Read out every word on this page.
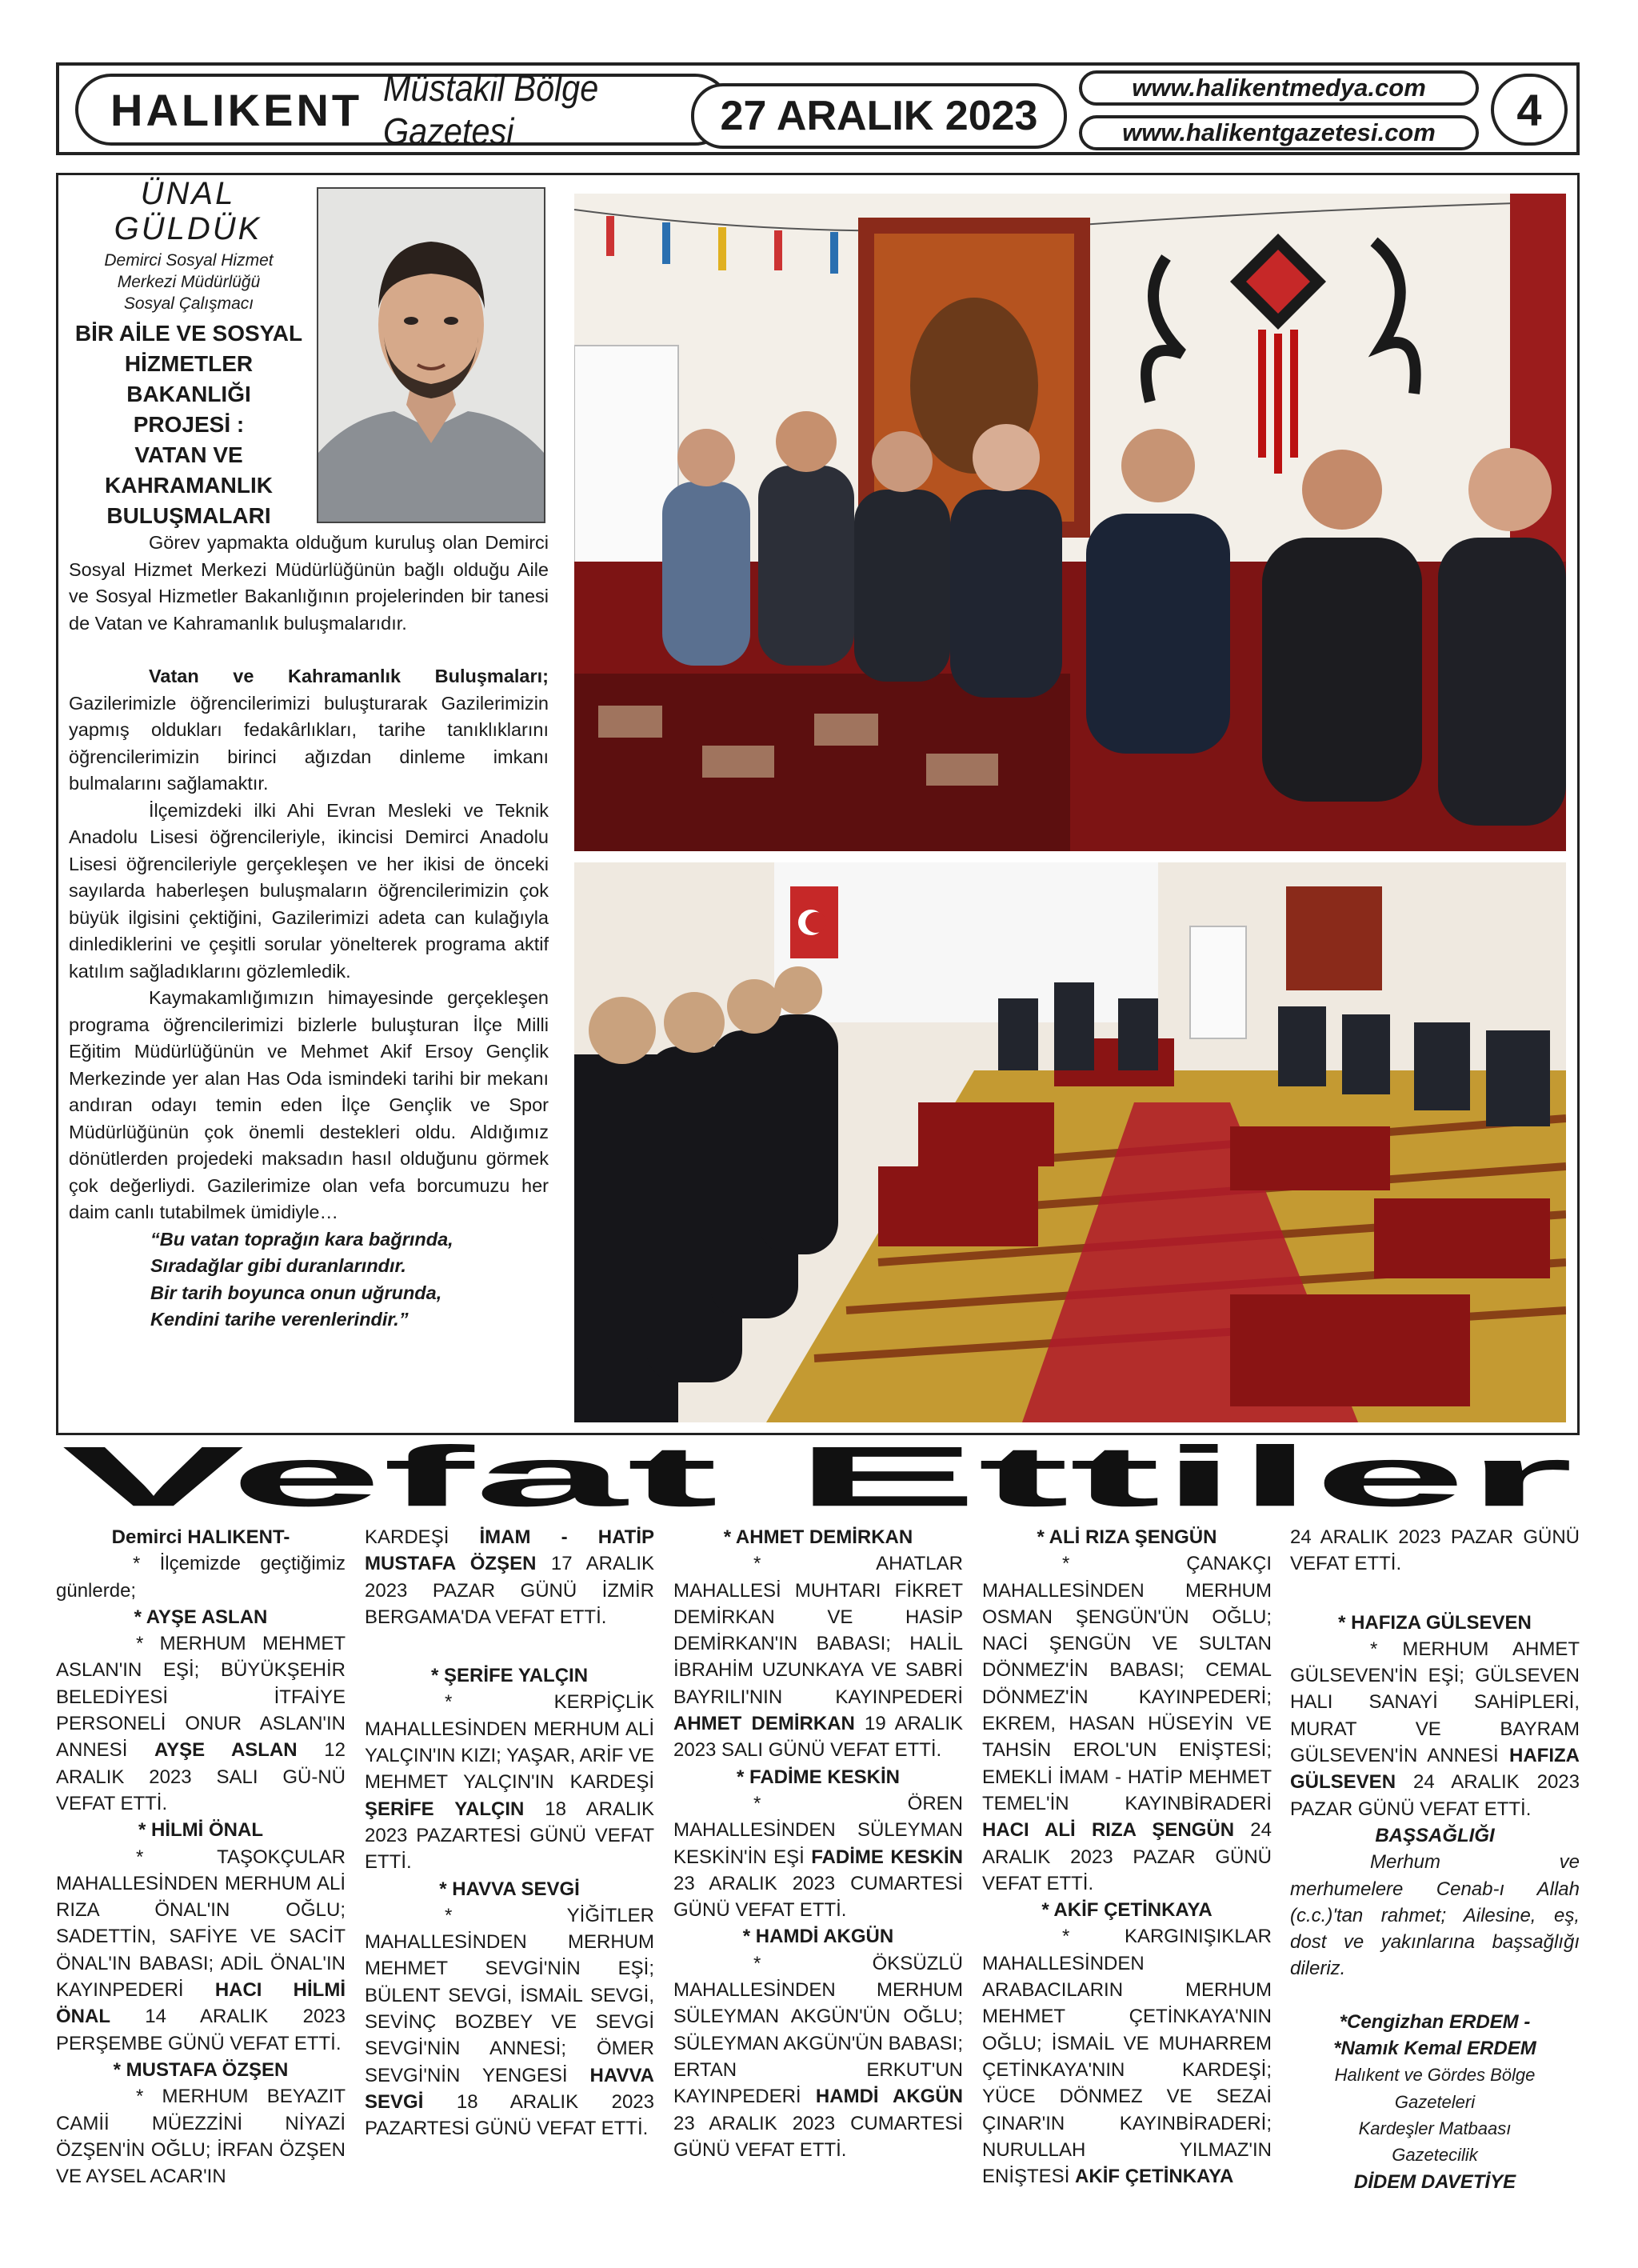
HALIKENT Müstakil Bölge Gazetesi	27 ARALIK 2023
www.halikentmedya.com
www.halikentgazetesi.com	4
ÜNAL
GÜLDÜK
Demirci Sosyal Hizmet
Merkezi Müdürlüğü
Sosyal Çalışmacı
BİR AİLE VE SOSYAL
HİZMETLER
BAKANLIĞI
PROJESİ :
VATAN VE
KAHRAMANLIK
BULUŞMALARI

Görev yapmakta olduğum kuruluş olan Demirci Sosyal Hizmet Merkezi Müdürlüğünün bağlı olduğu Aile ve Sosyal Hizmetler Bakanlığının projelerinden bir tanesi de Vatan ve Kahramanlık buluşmalarıdır.

Vatan ve Kahramanlık Buluşmaları; Gazilerimizle öğrencilerimizi buluşturarak Gazilerimizin yapmış oldukları fedakârlıkları, tarihe tanıklıklarını öğrencilerimizin birinci ağızdan dinleme imkanı bulmalarını sağlamaktır.

İlçemizdeki ilki Ahi Evran Mesleki ve Teknik Anadolu Lisesi öğrencileriyle, ikincisi Demirci Anadolu Lisesi öğrencileriyle gerçekleşen ve her ikisi de önceki sayılarda haberleşen buluşmaların öğrencilerimizin çok büyük ilgisini çektiğini, Gazilerimizi adeta can kulağıyla dinlediklerini ve çeşitli sorular yönelterek programa aktif katılım sağladıklarını gözlemledik.

Kaymakamlığımızın himayesinde gerçekleşen programa öğrencilerimizi bizlerle buluşturan İlçe Milli Eğitim Müdürlüğünün ve Mehmet Akif Ersoy Gençlik Merkezinde yer alan Has Oda ismindeki tarihi bir mekanı andıran odayı temin eden İlçe Gençlik ve Spor Müdürlüğünün çok önemli destekleri oldu. Aldığımız dönütlerden projedeki maksadın hasıl olduğunu görmek çok değerliydi. Gazilerimize olan vefa borcumuzu her daim canlı tutabilmek ümidiyle…

“Bu vatan toprağın kara bağrında,

Sıradağlar gibi duranlarındır.

Bir tarih boyunca onun uğrunda,

Kendini tarihe verenlerindir.”

Vefat Ettiler

Demirci HALIKENT-

* İlçemizde geçtiğimiz günlerde;

* AYŞE ASLAN

* MERHUM MEHMET ASLAN'IN EŞİ; BÜYÜKŞEHİR BELEDİYESİ İTFAİYE PERSONELİ ONUR ASLAN'IN ANNESİ AYŞE ASLAN 12 ARALIK 2023 SALI GÜ-NÜ VEFAT ETTİ.

* HİLMİ ÖNAL

* TAŞOKÇULAR MAHALLESİNDEN MERHUM ALİ RIZA ÖNAL'IN OĞLU; SADETTİN, SAFİYE VE SACİT ÖNAL'IN BABASI; ADİL ÖNAL'IN KAYINPEDERİ HACI HİLMİ ÖNAL 14 ARALIK 2023 PERŞEMBE GÜNÜ VEFAT ETTİ.

* MUSTAFA ÖZŞEN

* MERHUM BEYAZIT CAMİİ MÜEZZİNİ NİYAZİ ÖZŞEN'İN OĞLU; İRFAN ÖZŞEN VE AYSEL ACAR'IN

KARDEŞİ İMAM - HATİP MUSTAFA ÖZŞEN 17 ARALIK 2023 PAZAR GÜNÜ İZMİR BERGAMA'DA VEFAT ETTİ.

* ŞERİFE YALÇIN

* KERPİÇLİK MAHALLESİNDEN MERHUM ALİ YALÇIN'IN KIZI; YAŞAR, ARİF VE MEHMET YALÇIN'IN KARDEŞİ ŞERİFE YALÇIN 18 ARALIK 2023 PAZARTESİ GÜNÜ VEFAT ETTİ.

* HAVVA SEVGİ

* YİĞİTLER MAHALLESİNDEN MERHUM MEHMET SEVGİ'NİN EŞİ; BÜLENT SEVGİ, İSMAİL SEVGİ, SEVİNÇ BOZBEY VE SEVGİ SEVGİ'NİN ANNESİ; ÖMER SEVGİ'NİN YENGESİ HAVVA SEVGİ 18 ARALIK 2023 PAZARTESİ GÜNÜ VEFAT ETTİ.

* AHMET DEMİRKAN

* AHATLAR MAHALLESİ MUHTARI FİKRET DEMİRKAN VE HASİP DEMİRKAN'IN BABASI; HALİL İBRAHİM UZUNKAYA VE SABRİ BAYRILI'NIN KAYINPEDERİ AHMET DEMİRKAN 19 ARALIK 2023 SALI GÜNÜ VEFAT ETTİ.

* FADİME KESKİN

* ÖREN MAHALLESİNDEN SÜLEYMAN KESKİN'İN EŞİ FADİME KESKİN 23 ARALIK 2023 CUMARTESİ GÜNÜ VEFAT ETTİ.

* HAMDİ AKGÜN

* ÖKSÜZLÜ MAHALLESİNDEN MERHUM SÜLEYMAN AKGÜN'ÜN OĞLU; SÜLEYMAN AKGÜN'ÜN BABASI; ERTAN ERKUT'UN KAYINPEDERİ HAMDİ AKGÜN 23 ARALIK 2023 CUMARTESİ GÜNÜ VEFAT ETTİ.

* ALİ RIZA ŞENGÜN

* ÇANAKÇI MAHALLESİNDEN MERHUM OSMAN ŞENGÜN'ÜN OĞLU; NACİ ŞENGÜN VE SULTAN DÖNMEZ'İN BABASI; CEMAL DÖNMEZ'İN KAYINPEDERİ; EKREM, HASAN HÜSEYİN VE TAHSİN EROL'UN ENİŞTESİ; EMEKLİ İMAM - HATİP MEHMET TEMEL'İN KAYINBİRADERİ HACI ALİ RIZA ŞENGÜN 24 ARALIK 2023 PAZAR GÜNÜ VEFAT ETTİ.

* AKİF ÇETİNKAYA

* KARGINIŞIKLAR MAHALLESİNDEN ARABACILARIN MERHUM MEHMET ÇETİNKAYA'NIN OĞLU; İSMAİL VE MUHARREM ÇETİNKAYA'NIN KARDEŞİ; YÜCE DÖNMEZ VE SEZAİ ÇINAR'IN KAYINBİRADERİ; NURULLAH YILMAZ'IN ENİŞTESİ AKİF ÇETİNKAYA

24 ARALIK 2023 PAZAR GÜNÜ VEFAT ETTİ.

* HAFIZA GÜLSEVEN

* MERHUM AHMET GÜLSEVEN'İN EŞİ; GÜLSEVEN HALI SANAYİ SAHİPLERİ, MURAT VE BAYRAM GÜLSEVEN'İN ANNESİ HAFIZA GÜLSEVEN 24 ARALIK 2023 PAZAR GÜNÜ VEFAT ETTİ.

BAŞSAĞLIĞI

Merhum ve merhumelere Cenab-ı Allah (c.c.)'tan rahmet; Ailesine, eş, dost ve yakınlarına başsağlığı dileriz.

*Cengizhan ERDEM -

*Namık Kemal ERDEM

Halıkent ve Gördes Bölge

Gazeteleri

Kardeşler Matbaası

Gazetecilik

DİDEM DAVETİYE
